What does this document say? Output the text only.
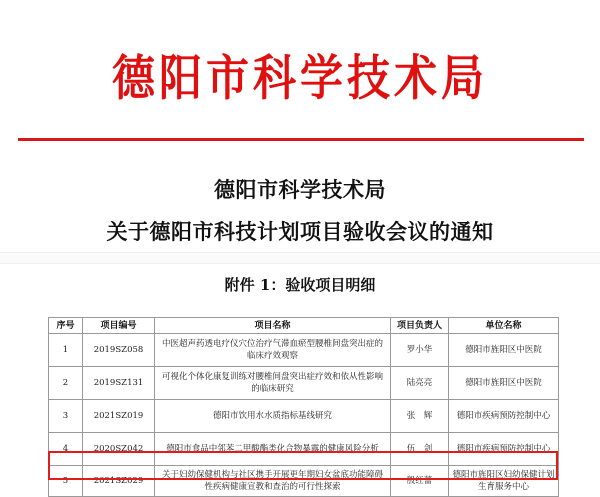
德阳市科学技术局
德阳市科学技术局
关于德阳市科技计划项目验收会议的通知
附件 1：验收项目明细
序号	项目编号	项目名称	项目负责人	单位名称
1	2019SZ058	中医超声药透电疗仪穴位治疗气滞血瘀型腰椎间盘突出症的临床疗效观察	罗小华	德阳市旌阳区中医院
2	2019SZ131	可视化个体化康复训练对腰椎间盘突出症疗效和依从性影响的临床研究	陆亮亮	德阳市旌阳区中医院
3	2021SZ019	德阳市饮用水水质指标基线研究	张　辉	德阳市疾病预防控制中心
4	2020SZ042	德阳市食品中邻苯二甲酸酯类化合物暴露的健康风险分析	伍　剑	德阳市疾病预防控制中心
5	2021SZ029	关于妇幼保健机构与社区携手开展更年期妇女盆底功能障碍性疾病健康宣教和查治的可行性探索	殷红蕾	德阳市旌阳区妇幼保健计划生育服务中心
